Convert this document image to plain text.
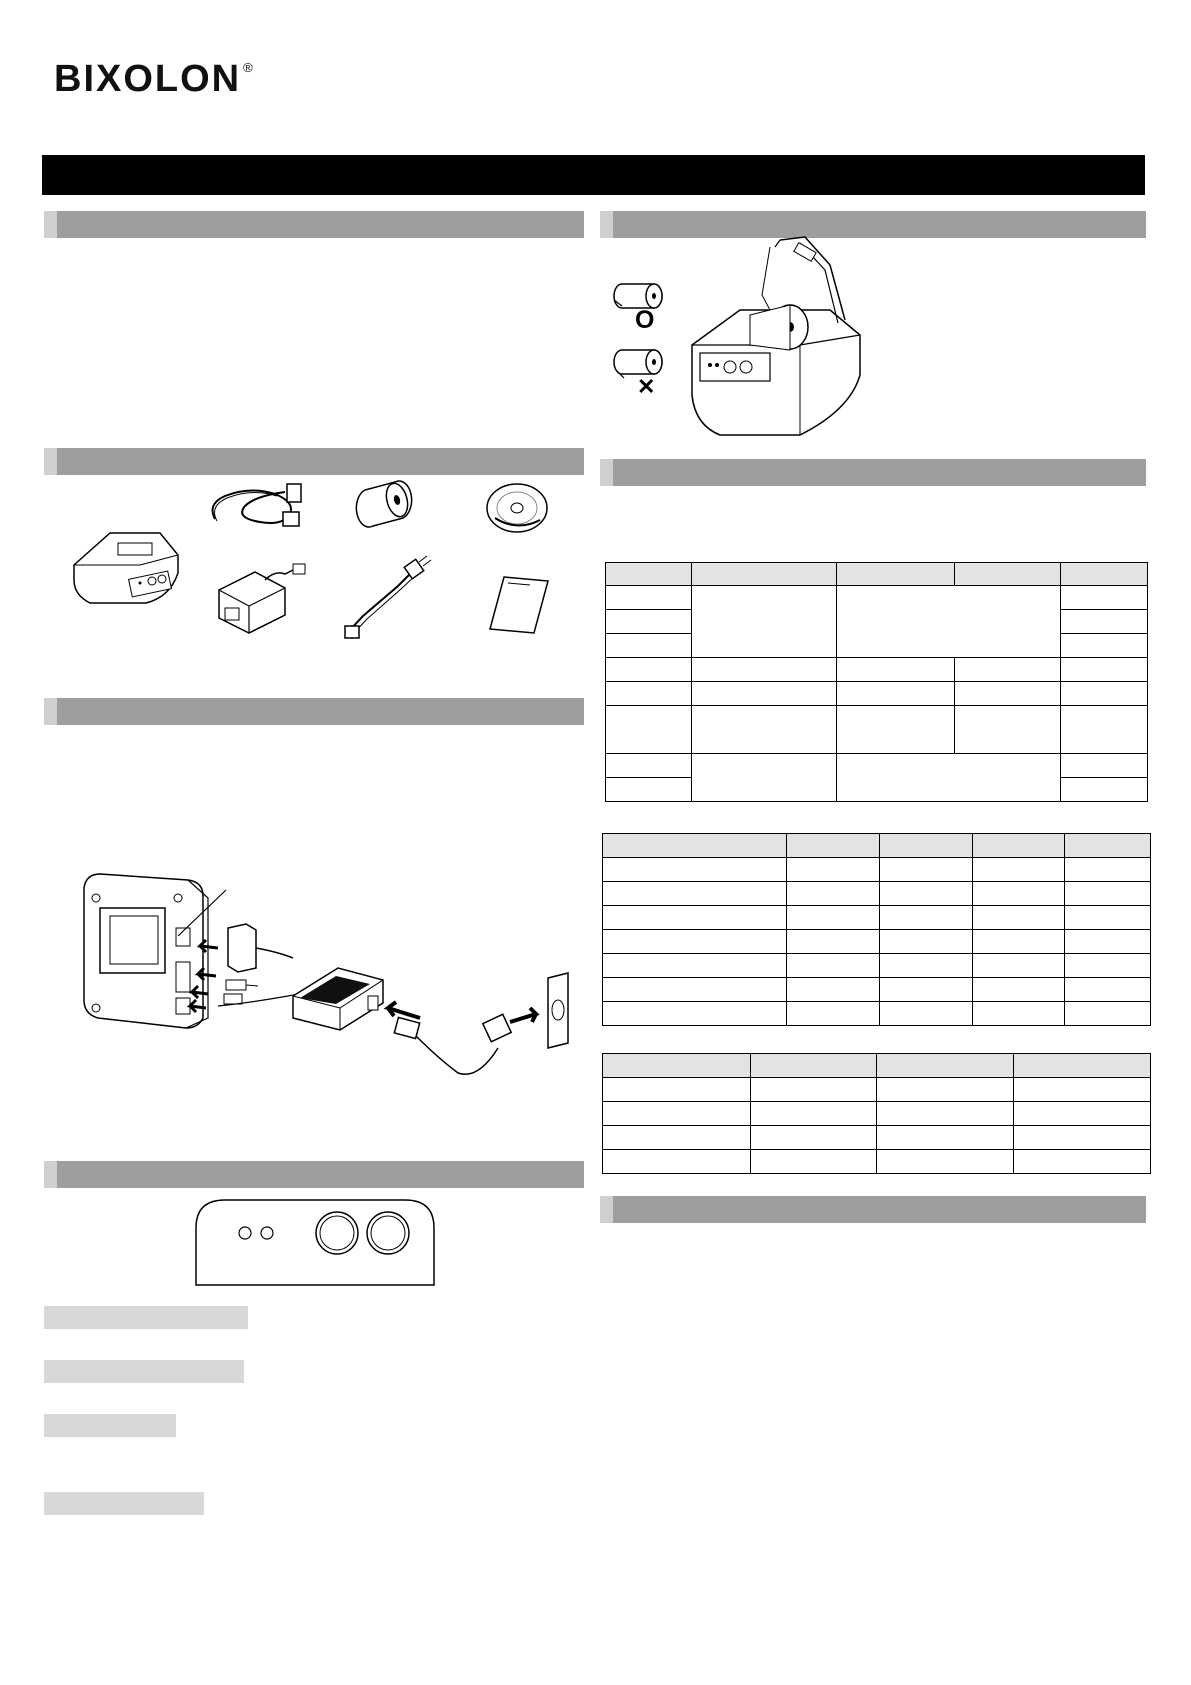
BIXOLON ®
O
✕
